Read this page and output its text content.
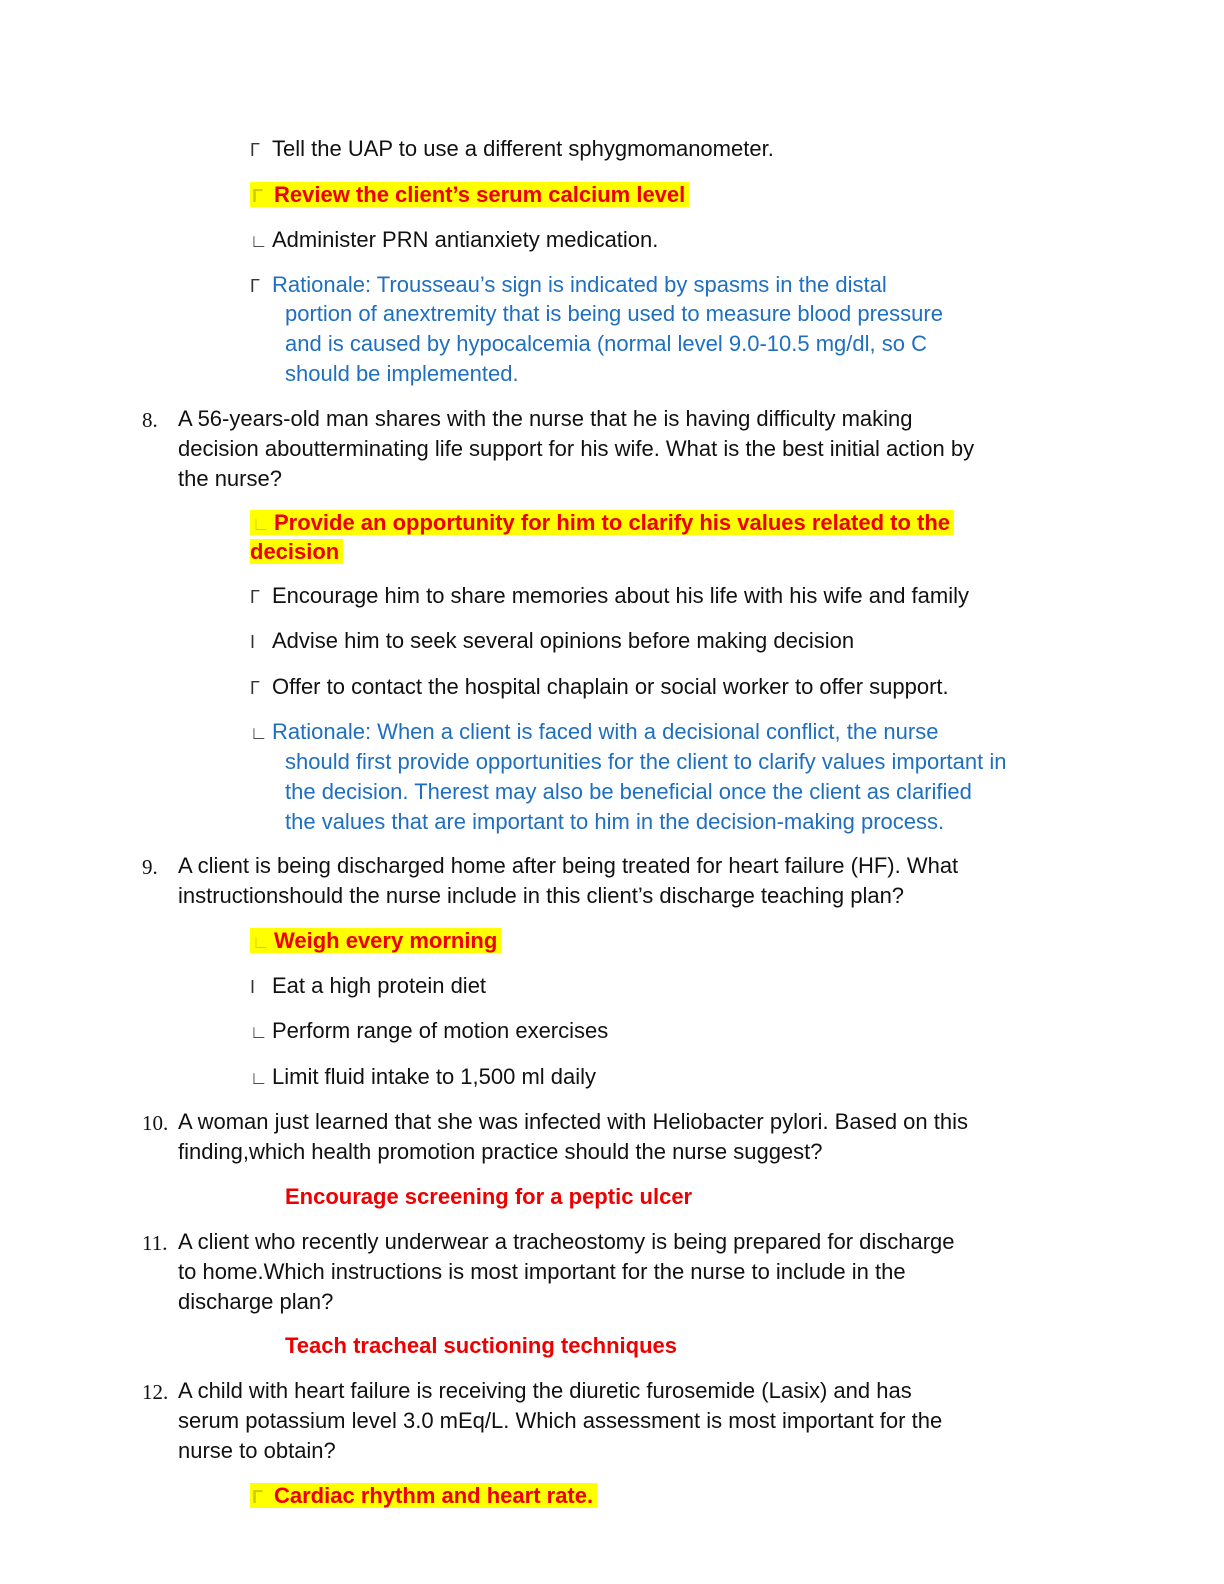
Γ Tell the UAP to use a different sphygmomanometer.
Γ Review the client’s serum calcium level
∟ Administer PRN antianxiety medication.
Γ Rationale: Trousseau’s sign is indicated by spasms in the distal
portion of anextremity that is being used to measure blood pressure
and is caused by hypocalcemia (normal level 9.0-10.5 mg/dl, so C
should be implemented.
8. A 56-years-old man shares with the nurse that he is having difficulty making
decision aboutterminating life support for his wife. What is the best initial action by
the nurse?
∟ Provide an opportunity for him to clarify his values related to the
decision
Γ Encourage him to share memories about his life with his wife and family
I Advise him to seek several opinions before making decision
Γ Offer to contact the hospital chaplain or social worker to offer support.
∟ Rationale: When a client is faced with a decisional conflict, the nurse
should first provide opportunities for the client to clarify values important in
the decision. Therest may also be beneficial once the client as clarified
the values that are important to him in the decision-making process.
9. A client is being discharged home after being treated for heart failure (HF). What
instructionshould the nurse include in this client’s discharge teaching plan?
∟ Weigh every morning
I Eat a high protein diet
∟ Perform range of motion exercises
∟ Limit fluid intake to 1,500 ml daily
10. A woman just learned that she was infected with Heliobacter pylori. Based on this
finding,which health promotion practice should the nurse suggest?
Encourage screening for a peptic ulcer
11. A client who recently underwear a tracheostomy is being prepared for discharge
to home.Which instructions is most important for the nurse to include in the
discharge plan?
Teach tracheal suctioning techniques
12. A child with heart failure is receiving the diuretic furosemide (Lasix) and has
serum potassium level 3.0 mEq/L. Which assessment is most important for the
nurse to obtain?
Γ Cardiac rhythm and heart rate.
